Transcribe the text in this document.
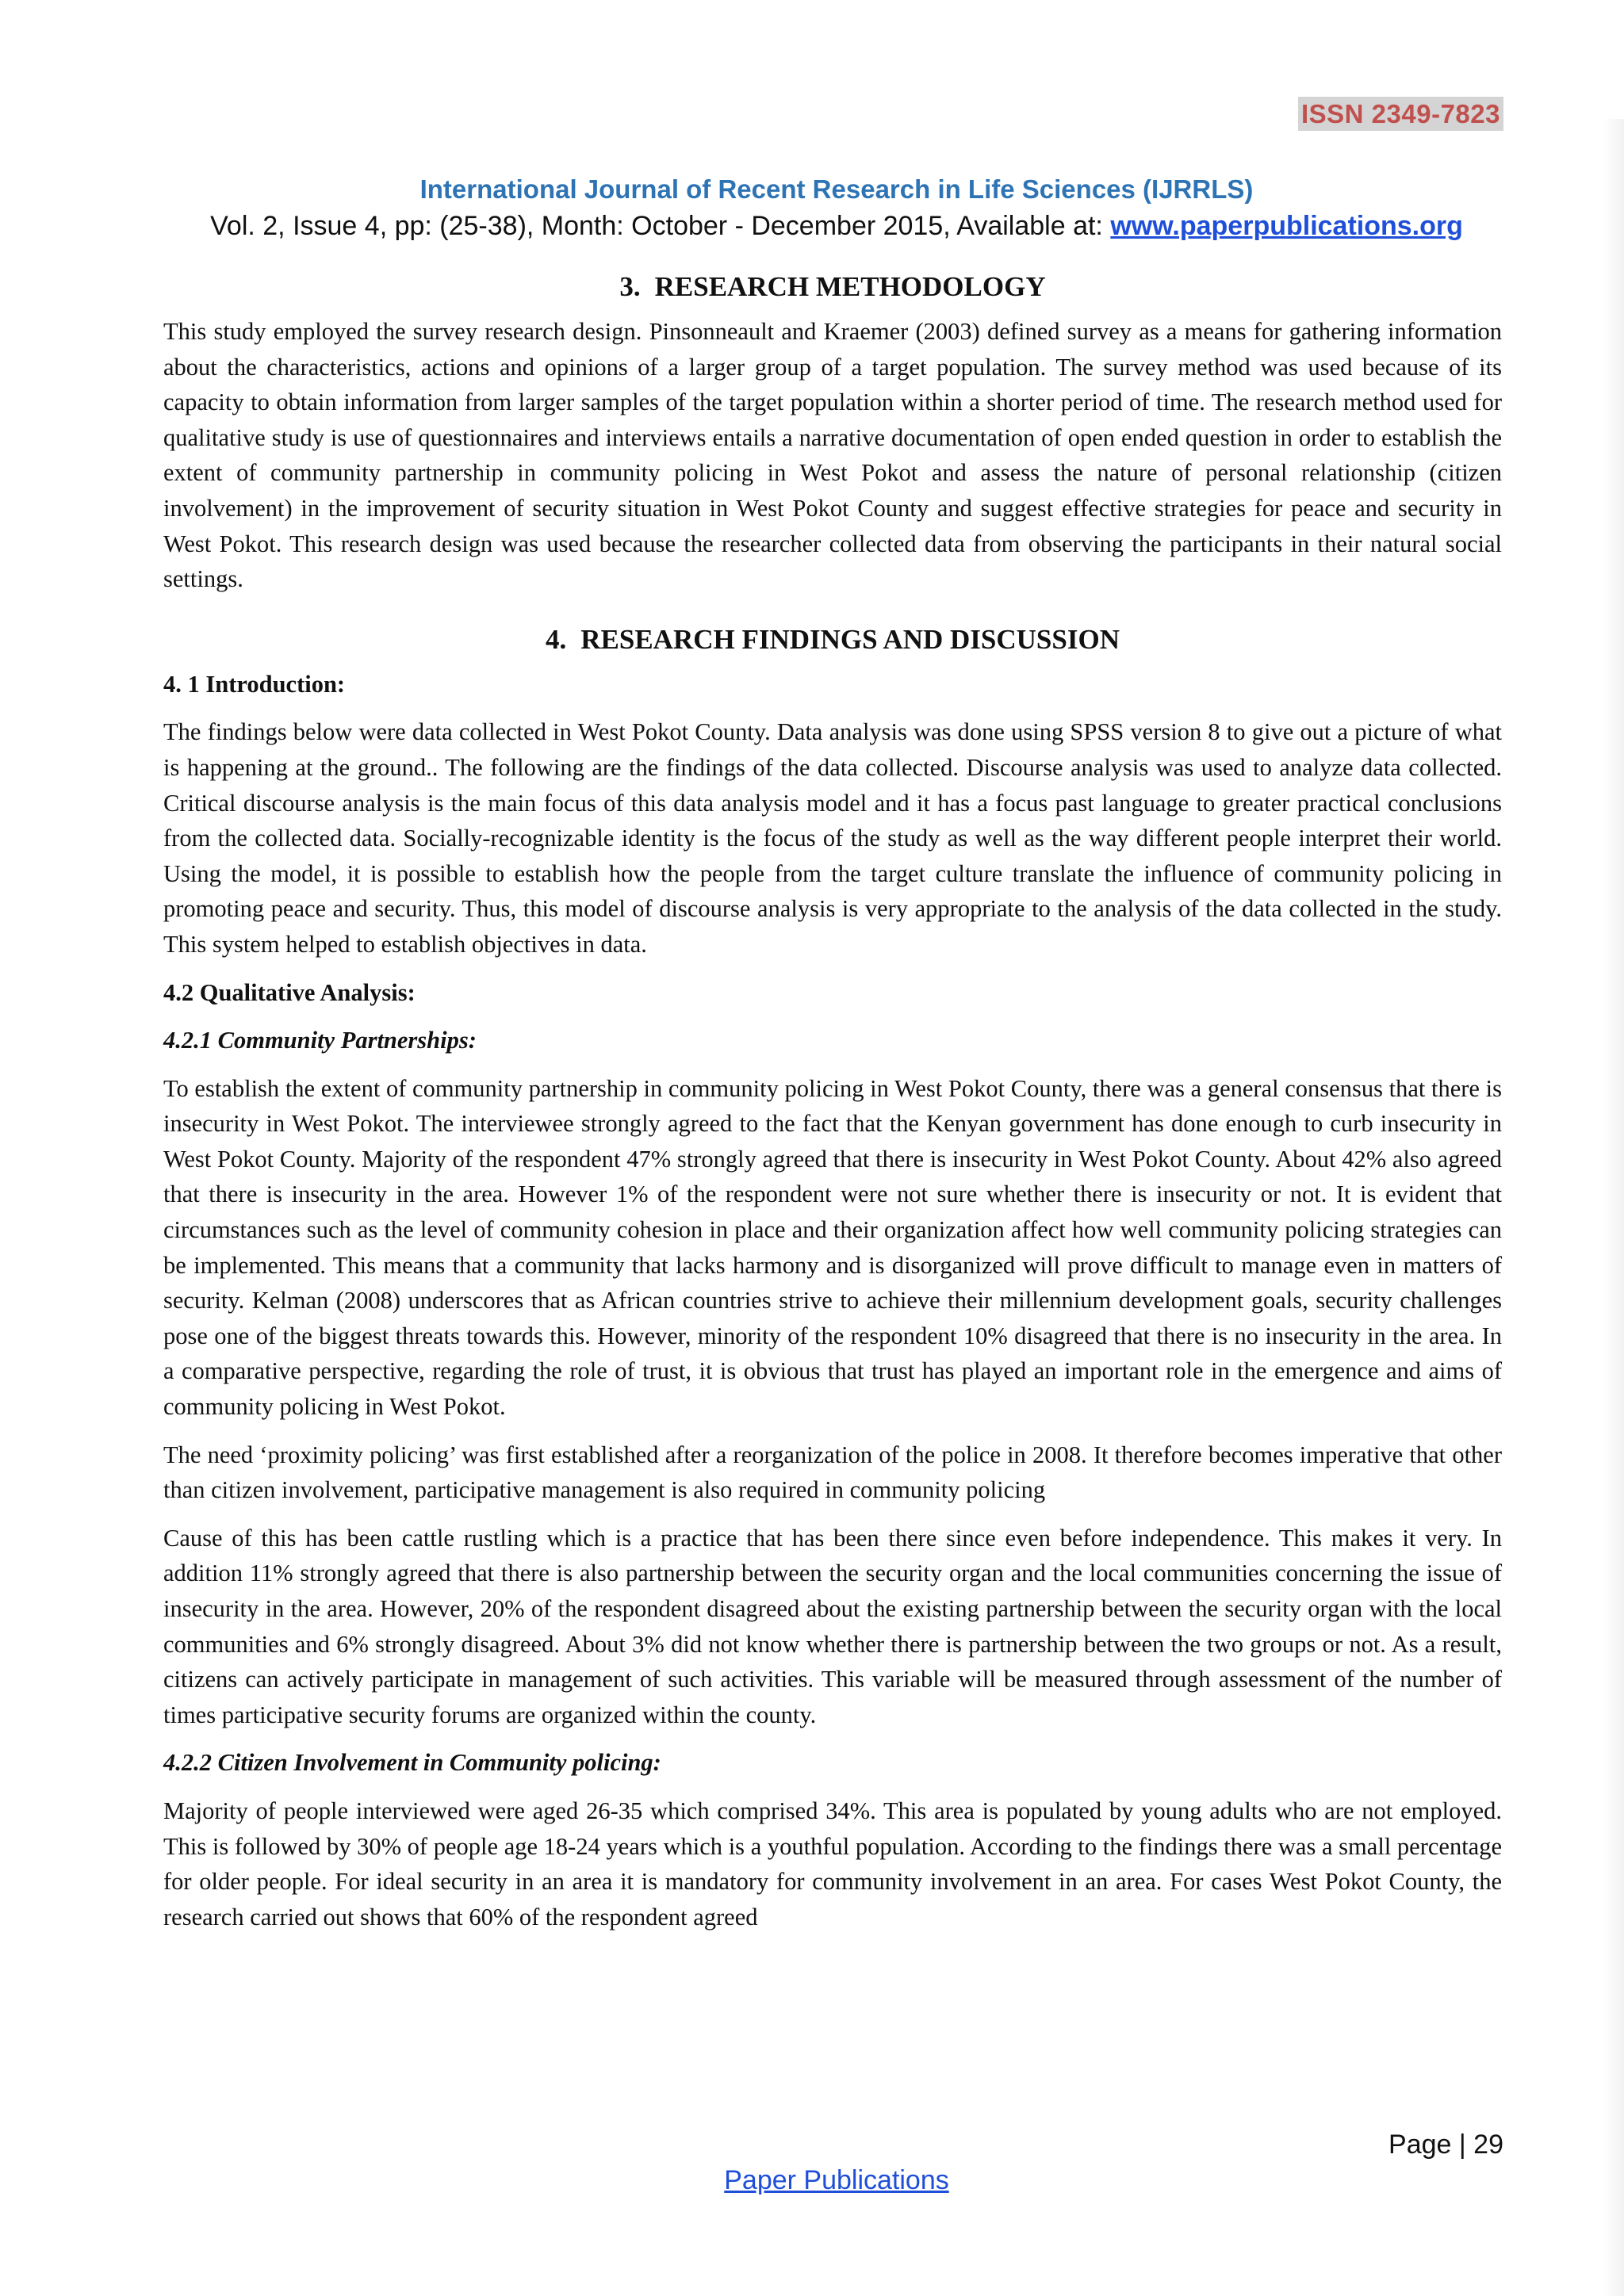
ISSN 2349-7823
International Journal of Recent Research in Life Sciences (IJRRLS)
Vol. 2, Issue 4, pp: (25-38), Month: October - December 2015, Available at: www.paperpublications.org
3. RESEARCH METHODOLOGY

This study employed the survey research design. Pinsonneault and Kraemer (2003) defined survey as a means for gathering information about the characteristics, actions and opinions of a larger group of a target population. The survey method was used because of its capacity to obtain information from larger samples of the target population within a shorter period of time. The research method used for qualitative study is use of questionnaires and interviews entails a narrative documentation of open ended question in order to establish the extent of community partnership in community policing in West Pokot and assess the nature of personal relationship (citizen involvement) in the improvement of security situation in West Pokot County and suggest effective strategies for peace and security in West Pokot. This research design was used because the researcher collected data from observing the participants in their natural social settings.

4. RESEARCH FINDINGS AND DISCUSSION
4. 1 Introduction:

The findings below were data collected in West Pokot County. Data analysis was done using SPSS version 8 to give out a picture of what is happening at the ground.. The following are the findings of the data collected. Discourse analysis was used to analyze data collected. Critical discourse analysis is the main focus of this data analysis model and it has a focus past language to greater practical conclusions from the collected data. Socially-recognizable identity is the focus of the study as well as the way different people interpret their world. Using the model, it is possible to establish how the people from the target culture translate the influence of community policing in promoting peace and security. Thus, this model of discourse analysis is very appropriate to the analysis of the data collected in the study. This system helped to establish objectives in data.

4.2 Qualitative Analysis:
4.2.1 Community Partnerships:

To establish the extent of community partnership in community policing in West Pokot County, there was a general consensus that there is insecurity in West Pokot. The interviewee strongly agreed to the fact that the Kenyan government has done enough to curb insecurity in West Pokot County. Majority of the respondent 47% strongly agreed that there is insecurity in West Pokot County. About 42% also agreed that there is insecurity in the area. However 1% of the respondent were not sure whether there is insecurity or not. It is evident that circumstances such as the level of community cohesion in place and their organization affect how well community policing strategies can be implemented. This means that a community that lacks harmony and is disorganized will prove difficult to manage even in matters of security. Kelman (2008) underscores that as African countries strive to achieve their millennium development goals, security challenges pose one of the biggest threats towards this. However, minority of the respondent 10% disagreed that there is no insecurity in the area. In a comparative perspective, regarding the role of trust, it is obvious that trust has played an important role in the emergence and aims of community policing in West Pokot.

The need ‘proximity policing’ was first established after a reorganization of the police in 2008. It therefore becomes imperative that other than citizen involvement, participative management is also required in community policing

Cause of this has been cattle rustling which is a practice that has been there since even before independence. This makes it very. In addition 11% strongly agreed that there is also partnership between the security organ and the local communities concerning the issue of insecurity in the area. However, 20% of the respondent disagreed about the existing partnership between the security organ with the local communities and 6% strongly disagreed. About 3% did not know whether there is partnership between the two groups or not. As a result, citizens can actively participate in management of such activities. This variable will be measured through assessment of the number of times participative security forums are organized within the county.

4.2.2 Citizen Involvement in Community policing:

Majority of people interviewed were aged 26-35 which comprised 34%. This area is populated by young adults who are not employed. This is followed by 30% of people age 18-24 years which is a youthful population. According to the findings there was a small percentage for older people. For ideal security in an area it is mandatory for community involvement in an area. For cases West Pokot County, the research carried out shows that 60% of the respondent agreed

Page | 29
Paper Publications
